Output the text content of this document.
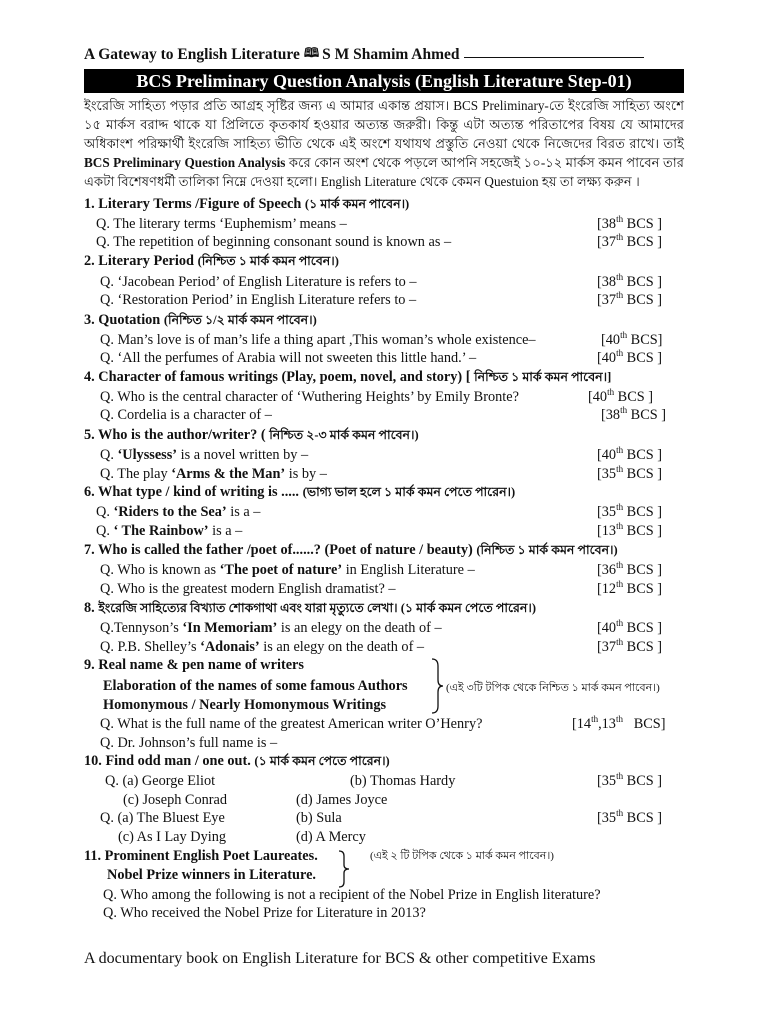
A Gateway to English Literature 🕮 S M Shamim Ahmed
BCS Preliminary Question Analysis (English Literature Step-01)
ইংরেজি সাহিত্য পড়ার প্রতি আগ্রহ সৃষ্টির জন্য এ আমার একান্ত প্রয়াস। BCS Preliminary-তে ইংরেজি সাহিত্য অংশে ১৫ মার্কস বরাদ্দ থাকে যা প্রিলিতে কৃতকার্য হওয়ার অত্যন্ত জরুরী। কিন্তু এটা অত্যন্ত পরিতাপের বিষয় যে আমাদের অধিকাংশ পরিক্ষার্থী ইংরেজি সাহিত্য ভীতি থেকে এই অংশে যথাযথ প্রস্তুতি নেওয়া থেকে নিজেদের বিরত রাখে। তাই BCS Preliminary Question Analysis করে কোন অংশ থেকে পড়লে আপনি সহজেই ১০-১২ মার্কস কমন পাবেন তার একটা বিশেষণধর্মী তালিকা নিম্নে দেওয়া হলো। English Literature থেকে কেমন Questuion হয় তা লক্ষ্য করুন ।
1. Literary Terms /Figure of Speech (১ মার্ক কমন পাবেন।)
Q. The literary terms ‘Euphemism’ means –	[38th BCS ]
Q. The repetition of beginning consonant sound is known as –	[37th BCS ]
2. Literary Period (নিশ্চিত ১ মার্ক কমন পাবেন।)
Q. ‘Jacobean Period’ of English Literature is refers to –	[38th BCS ]
Q. ‘Restoration Period’ in English Literature refers to –	[37th BCS ]
3. Quotation (নিশ্চিত ১/২ মার্ক কমন পাবেন।)
Q. Man’s love is of man’s life a thing apart ,This woman’s whole existence–	[40th BCS]
Q. ‘All the perfumes of Arabia will not sweeten this little hand.’ –	[40th BCS ]
4. Character of famous writings (Play, poem, novel, and story) [ নিশ্চিত ১ মার্ক কমন পাবেন।]
Q. Who is the central character of ‘Wuthering Heights’ by Emily Bronte?	[40th BCS ]
Q. Cordelia is a character of –	[38th BCS ]
5. Who is the author/writer? ( নিশ্চিত ২-৩ মার্ক কমন পাবেন।)
Q. ‘Ulyssess’ is a novel written by –	[40th BCS ]
Q. The play ‘Arms & the Man’ is by –	[35th BCS ]
6. What type / kind of writing is ..... (ভাগ্য ভাল হলে ১ মার্ক কমন পেতে পারেন।)
Q. ‘Riders to the Sea’ is a –	[35th BCS ]
Q. ‘ The Rainbow’ is a –	[13th BCS ]
7. Who is called the father /poet of......? (Poet of nature / beauty) (নিশ্চিত ১ মার্ক কমন পাবেন।)
Q. Who is known as ‘The poet of nature’ in English Literature –	[36th BCS ]
Q. Who is the greatest modern English dramatist? –	[12th BCS ]
8. ইংরেজি সাহিত্যের বিখ্যাত শোকগাথা এবং যারা মৃত্যুতে লেখা। (১ মার্ক কমন পেতে পারেন।)
Q.Tennyson’s ‘In Memoriam’ is an elegy on the death of –	[40th BCS ]
Q. P.B. Shelley’s ‘Adonais’ is an elegy on the death of –	[37th BCS ]
9. Real name & pen name of writers
Elaboration of the names of some famous Authors
Homonymous / Nearly Homonymous Writings
(এই ৩টি টপিক থেকে নিশ্চিত ১ মার্ক কমন পাবেন।)
Q. What is the full name of the greatest American writer O’Henry?	[14th,13th BCS]
Q. Dr. Johnson’s full name is –
10. Find odd man / one out. (১ মার্ক কমন পেতে পারেন।)
Q. (a) George Eliot	(b) Thomas Hardy	[35th BCS ]
(c) Joseph Conrad	(d) James Joyce
Q. (a) The Bluest Eye	(b) Sula	[35th BCS ]
(c) As I Lay Dying	(d) A Mercy
11. Prominent English Poet Laureates.
Nobel Prize winners in Literature.
(এই ২ টি টপিক থেকে ১ মার্ক কমন পাবেন।)
Q. Who among the following is not a recipient of the Nobel Prize in English literature?
Q. Who received the Nobel Prize for Literature in 2013?
A documentary book on English Literature for BCS & other competitive Exams
